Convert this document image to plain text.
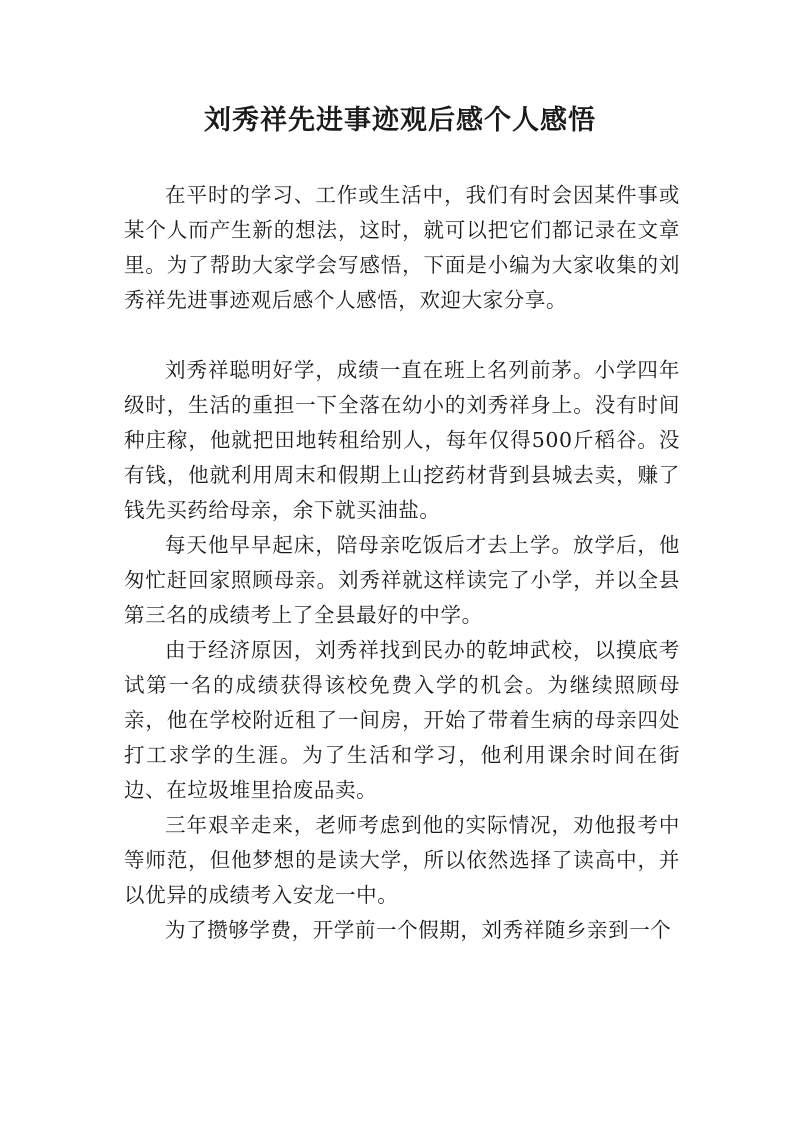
刘秀祥先进事迹观后感个人感悟

在平时的学习、工作或生活中，我们有时会因某件事或某个人而产生新的想法，这时，就可以把它们都记录在文章里。为了帮助大家学会写感悟，下面是小编为大家收集的刘秀祥先进事迹观后感个人感悟，欢迎大家分享。

刘秀祥聪明好学，成绩一直在班上名列前茅。小学四年级时，生活的重担一下全落在幼小的刘秀祥身上。没有时间种庄稼，他就把田地转租给别人，每年仅得500斤稻谷。没有钱，他就利用周末和假期上山挖药材背到县城去卖，赚了钱先买药给母亲，余下就买油盐。

每天他早早起床，陪母亲吃饭后才去上学。放学后，他匆忙赶回家照顾母亲。刘秀祥就这样读完了小学，并以全县第三名的成绩考上了全县最好的中学。

由于经济原因，刘秀祥找到民办的乾坤武校，以摸底考试第一名的成绩获得该校免费入学的机会。为继续照顾母亲，他在学校附近租了一间房，开始了带着生病的母亲四处打工求学的生涯。为了生活和学习，他利用课余时间在街边、在垃圾堆里拾废品卖。

三年艰辛走来，老师考虑到他的实际情况，劝他报考中等师范，但他梦想的是读大学，所以依然选择了读高中，并以优异的成绩考入安龙一中。

为了攒够学费，开学前一个假期，刘秀祥随乡亲到一个
